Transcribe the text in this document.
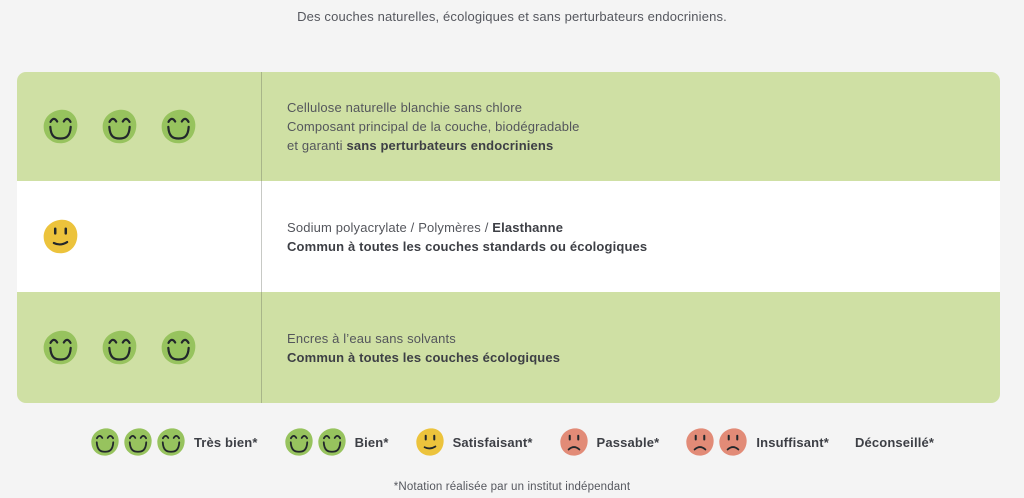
Des couches naturelles, écologiques et sans perturbateurs endocriniens.
Cellulose naturelle blanchie sans chlore
Composant principal de la couche, biodégradable
et garanti sans perturbateurs endocriniens
Sodium polyacrylate / Polymères / Elasthanne
Commun à toutes les couches standards ou écologiques
Encres à l’eau sans solvants
Commun à toutes les couches écologiques
Très bien*	Bien*	Satisfaisant*	Passable*	Insuffisant* Déconseillé*
*Notation réalisée par un institut indépendant
